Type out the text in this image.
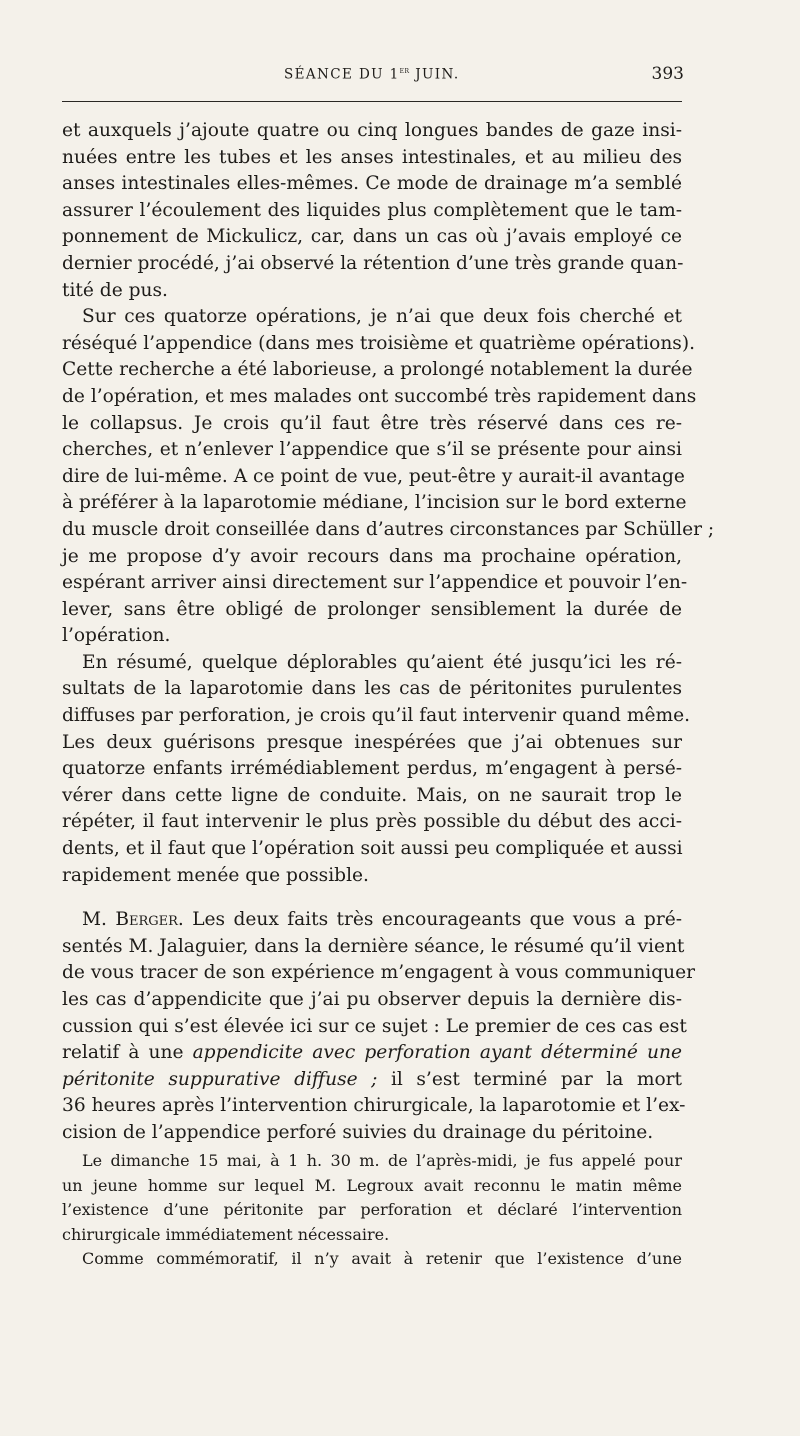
SÉANCE DU 1er JUIN.	393
et auxquels j’ajoute quatre ou cinq longues bandes de gaze insi-
nuées entre les tubes et les anses intestinales, et au milieu des
anses intestinales elles-mêmes. Ce mode de drainage m’a semblé
assurer l’écoulement des liquides plus complètement que le tam-
ponnement de Mickulicz, car, dans un cas où j’avais employé ce
dernier procédé, j’ai observé la rétention d’une très grande quan-
tité de pus.
Sur ces quatorze opérations, je n’ai que deux fois cherché et
réséqué l’appendice (dans mes troisième et quatrième opérations).
Cette recherche a été laborieuse, a prolongé notablement la durée
de l’opération, et mes malades ont succombé très rapidement dans
le collapsus. Je crois qu’il faut être très réservé dans ces re-
cherches, et n’enlever l’appendice que s’il se présente pour ainsi
dire de lui-même. A ce point de vue, peut-être y aurait-il avantage
à préférer à la laparotomie médiane, l’incision sur le bord externe
du muscle droit conseillée dans d’autres circonstances par Schüller ;
je me propose d’y avoir recours dans ma prochaine opération,
espérant arriver ainsi directement sur l’appendice et pouvoir l’en-
lever, sans être obligé de prolonger sensiblement la durée de
l’opération.
En résumé, quelque déplorables qu’aient été jusqu’ici les ré-
sultats de la laparotomie dans les cas de péritonites purulentes
diffuses par perforation, je crois qu’il faut intervenir quand même.
Les deux guérisons presque inespérées que j’ai obtenues sur
quatorze enfants irrémédiablement perdus, m’engagent à persé-
vérer dans cette ligne de conduite. Mais, on ne saurait trop le
répéter, il faut intervenir le plus près possible du début des acci-
dents, et il faut que l’opération soit aussi peu compliquée et aussi
rapidement menée que possible.
M. Berger. Les deux faits très encourageants que vous a pré-
sentés M. Jalaguier, dans la dernière séance, le résumé qu’il vient
de vous tracer de son expérience m’engagent à vous communiquer
les cas d’appendicite que j’ai pu observer depuis la dernière dis-
cussion qui s’est élevée ici sur ce sujet : Le premier de ces cas est
relatif à une appendicite avec perforation ayant déterminé une
péritonite suppurative diffuse ; il s’est terminé par la mort
36 heures après l’intervention chirurgicale, la laparotomie et l’ex-
cision de l’appendice perforé suivies du drainage du péritoine.
Le dimanche 15 mai, à 1 h. 30 m. de l’après-midi, je fus appelé pour
un jeune homme sur lequel M. Legroux avait reconnu le matin même
l’existence d’une péritonite par perforation et déclaré l’intervention
chirurgicale immédiatement nécessaire.
Comme commémoratif, il n’y avait à retenir que l’existence d’une
